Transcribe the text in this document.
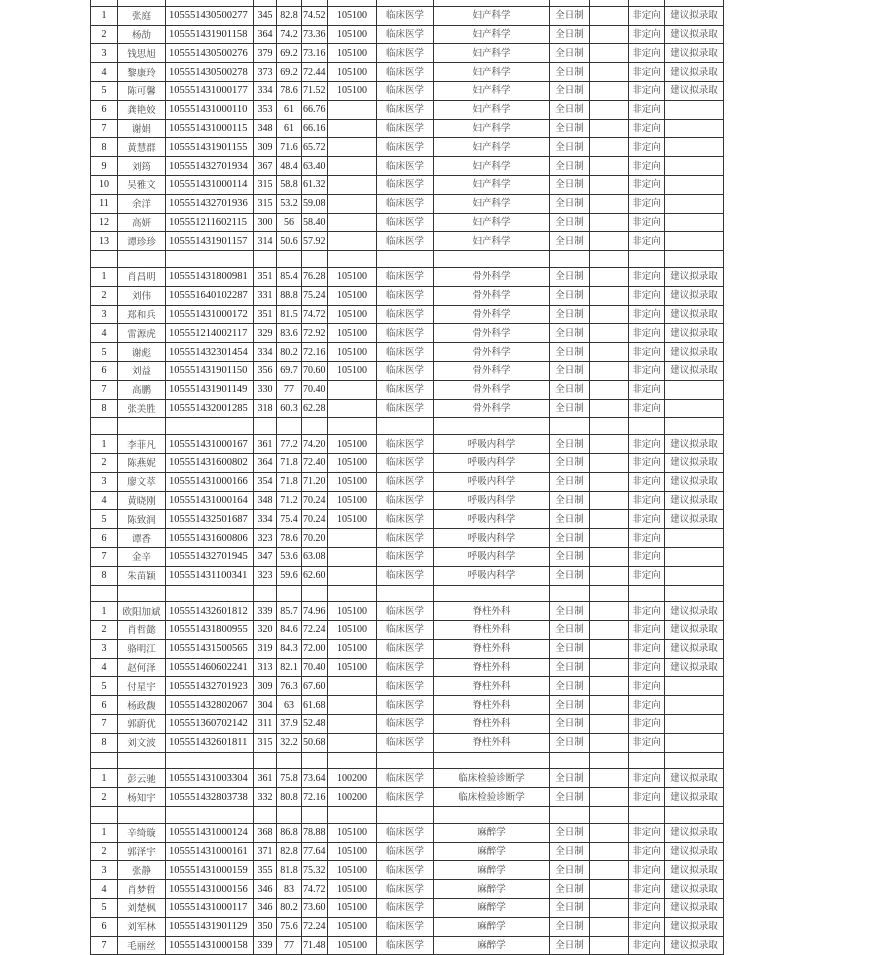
1	张庭	105551430500277	345	82.8	74.52	105100	临床医学	妇产科学	全日制		非定向	建议拟录取
2	杨劼	105551431901158	364	74.2	73.36	105100	临床医学	妇产科学	全日制		非定向	建议拟录取
3	钱思旭	105551430500276	379	69.2	73.16	105100	临床医学	妇产科学	全日制		非定向	建议拟录取
4	黎康玲	105551430500278	373	69.2	72.44	105100	临床医学	妇产科学	全日制		非定向	建议拟录取
5	陈可馨	105551431000177	334	78.6	71.52	105100	临床医学	妇产科学	全日制		非定向	建议拟录取
6	龚艳姣	105551431000110	353	61	66.76		临床医学	妇产科学	全日制		非定向	
7	谢娟	105551431000115	348	61	66.16		临床医学	妇产科学	全日制		非定向	
8	黄慧群	105551431901155	309	71.6	65.72		临床医学	妇产科学	全日制		非定向	
9	刘筠	105551432701934	367	48.4	63.40		临床医学	妇产科学	全日制		非定向	
10	吴雅文	105551431000114	315	58.8	61.32		临床医学	妇产科学	全日制		非定向	
11	余洋	105551432701936	315	53.2	59.08		临床医学	妇产科学	全日制		非定向	
12	高妍	105551211602115	300	56	58.40		临床医学	妇产科学	全日制		非定向	
13	谭珍珍	105551431901157	314	50.6	57.92		临床医学	妇产科学	全日制		非定向	

1	肖昌明	105551431800981	351	85.4	76.28	105100	临床医学	骨外科学	全日制		非定向	建议拟录取
2	刘伟	105551640102287	331	88.8	75.24	105100	临床医学	骨外科学	全日制		非定向	建议拟录取
3	郑和兵	105551431000172	351	81.5	74.72	105100	临床医学	骨外科学	全日制		非定向	建议拟录取
4	雷源虎	105551214002117	329	83.6	72.92	105100	临床医学	骨外科学	全日制		非定向	建议拟录取
5	谢彪	105551432301454	334	80.2	72.16	105100	临床医学	骨外科学	全日制		非定向	建议拟录取
6	刘益	105551431901150	356	69.7	70.60	105100	临床医学	骨外科学	全日制		非定向	建议拟录取
7	高鹏	105551431901149	330	77	70.40		临床医学	骨外科学	全日制		非定向	
8	张美胜	105551432001285	318	60.3	62.28		临床医学	骨外科学	全日制		非定向	

1	李菲凡	105551431000167	361	77.2	74.20	105100	临床医学	呼吸内科学	全日制		非定向	建议拟录取
2	陈燕妮	105551431600802	364	71.8	72.40	105100	临床医学	呼吸内科学	全日制		非定向	建议拟录取
3	廖文萃	105551431000166	354	71.8	71.20	105100	临床医学	呼吸内科学	全日制		非定向	建议拟录取
4	黄晓刚	105551431000164	348	71.2	70.24	105100	临床医学	呼吸内科学	全日制		非定向	建议拟录取
5	陈致润	105551432501687	334	75.4	70.24	105100	临床医学	呼吸内科学	全日制		非定向	建议拟录取
6	谭香	105551431600806	323	78.6	70.20		临床医学	呼吸内科学	全日制		非定向	
7	金辛	105551432701945	347	53.6	63.08		临床医学	呼吸内科学	全日制		非定向	
8	朱苗颖	105551431100341	323	59.6	62.60		临床医学	呼吸内科学	全日制		非定向	

1	欧阳加斌	105551432601812	339	85.7	74.96	105100	临床医学	脊柱外科	全日制		非定向	建议拟录取
2	肖哲懿	105551431800955	320	84.6	72.24	105100	临床医学	脊柱外科	全日制		非定向	建议拟录取
3	骆明江	105551431500565	319	84.3	72.00	105100	临床医学	脊柱外科	全日制		非定向	建议拟录取
4	赵何泽	105551460602241	313	82.1	70.40	105100	临床医学	脊柱外科	全日制		非定向	建议拟录取
5	付星宇	105551432701923	309	76.3	67.60		临床医学	脊柱外科	全日制		非定向	
6	杨政馥	105551432802067	304	63	61.68		临床医学	脊柱外科	全日制		非定向	
7	郭蔚优	105551360702142	311	37.9	52.48		临床医学	脊柱外科	全日制		非定向	
8	刘文波	105551432601811	315	32.2	50.68		临床医学	脊柱外科	全日制		非定向	

1	彭云驰	105551431003304	361	75.8	73.64	100200	临床医学	临床检验诊断学	全日制		非定向	建议拟录取
2	杨知宇	105551432803738	332	80.8	72.16	100200	临床医学	临床检验诊断学	全日制		非定向	建议拟录取

1	辛绮璇	105551431000124	368	86.8	78.88	105100	临床医学	麻醉学	全日制		非定向	建议拟录取
2	郭泽宇	105551431000161	371	82.8	77.64	105100	临床医学	麻醉学	全日制		非定向	建议拟录取
3	张静	105551431000159	355	81.8	75.32	105100	临床医学	麻醉学	全日制		非定向	建议拟录取
4	肖梦哲	105551431000156	346	83	74.72	105100	临床医学	麻醉学	全日制		非定向	建议拟录取
5	刘楚枫	105551431000117	346	80.2	73.60	105100	临床医学	麻醉学	全日制		非定向	建议拟录取
6	刘军林	105551431901129	350	75.6	72.24	105100	临床医学	麻醉学	全日制		非定向	建议拟录取
7	毛丽丝	105551431000158	339	77	71.48	105100	临床医学	麻醉学	全日制		非定向	建议拟录取
